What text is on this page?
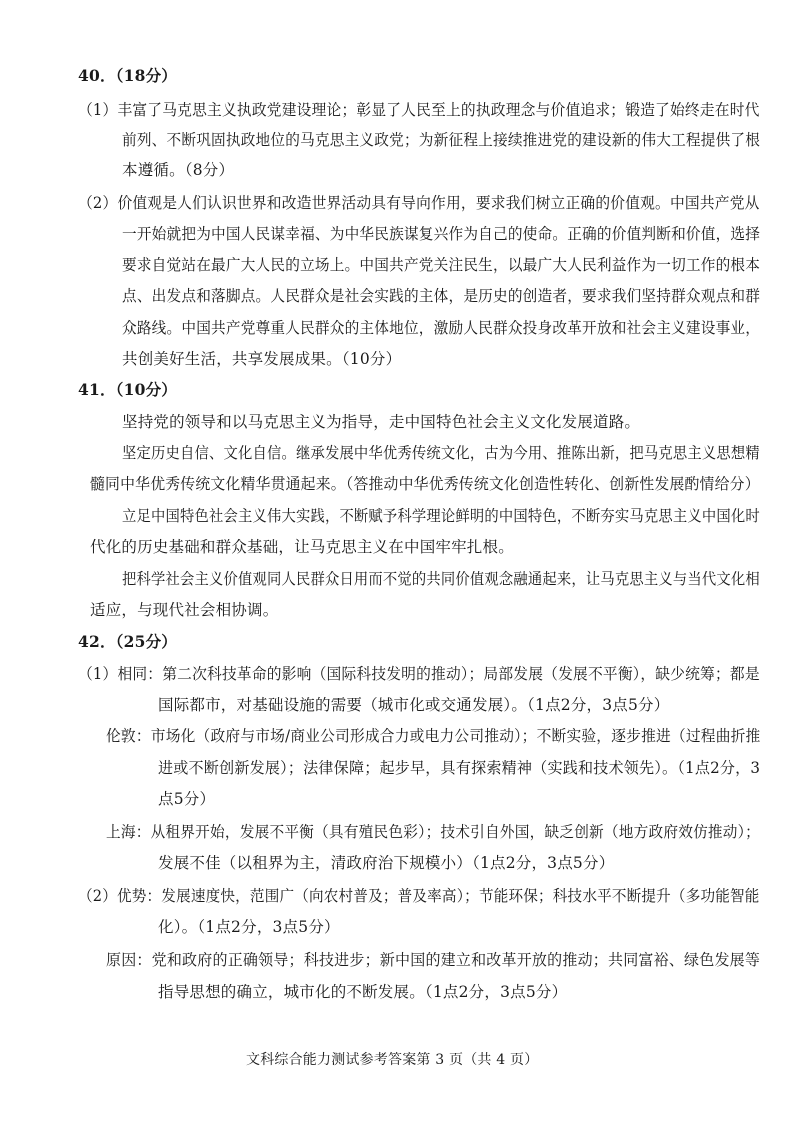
40．（18分）
（1）丰富了马克思主义执政党建设理论；彰显了人民至上的执政理念与价值追求；锻造了始终走在时代
前列、不断巩固执政地位的马克思主义政党；为新征程上接续推进党的建设新的伟大工程提供了根
本遵循。（8分）
（2）价值观是人们认识世界和改造世界活动具有导向作用，要求我们树立正确的价值观。中国共产党从
一开始就把为中国人民谋幸福、为中华民族谋复兴作为自己的使命。正确的价值判断和价值，选择
要求自觉站在最广大人民的立场上。中国共产党关注民生，以最广大人民利益作为一切工作的根本
点、出发点和落脚点。人民群众是社会实践的主体，是历史的创造者，要求我们坚持群众观点和群
众路线。中国共产党尊重人民群众的主体地位，激励人民群众投身改革开放和社会主义建设事业，
共创美好生活，共享发展成果。（10分）
41．（10分）
坚持党的领导和以马克思主义为指导，走中国特色社会主义文化发展道路。
坚定历史自信、文化自信。继承发展中华优秀传统文化，古为今用、推陈出新，把马克思主义思想精
髓同中华优秀传统文化精华贯通起来。（答推动中华优秀传统文化创造性转化、创新性发展酌情给分）
立足中国特色社会主义伟大实践，不断赋予科学理论鲜明的中国特色，不断夯实马克思主义中国化时
代化的历史基础和群众基础，让马克思主义在中国牢牢扎根。
把科学社会主义价值观同人民群众日用而不觉的共同价值观念融通起来，让马克思主义与当代文化相
适应，与现代社会相协调。
42．（25分）
（1）相同：第二次科技革命的影响（国际科技发明的推动）；局部发展（发展不平衡），缺少统筹；都是
国际都市，对基础设施的需要（城市化或交通发展）。（1点2分，3点5分）
伦敦：市场化（政府与市场/商业公司形成合力或电力公司推动）；不断实验，逐步推进（过程曲折推
进或不断创新发展）；法律保障；起步早，具有探索精神（实践和技术领先）。（1点2分，3
点5分）
上海：从租界开始，发展不平衡（具有殖民色彩）；技术引自外国，缺乏创新（地方政府效仿推动）；
发展不佳（以租界为主，清政府治下规模小）（1点2分，3点5分）
（2）优势：发展速度快，范围广（向农村普及；普及率高）；节能环保；科技水平不断提升（多功能智能
化）。（1点2分，3点5分）
原因：党和政府的正确领导；科技进步；新中国的建立和改革开放的推动；共同富裕、绿色发展等
指导思想的确立，城市化的不断发展。（1点2分，3点5分）
文科综合能力测试参考答案第 3 页（共 4 页）
